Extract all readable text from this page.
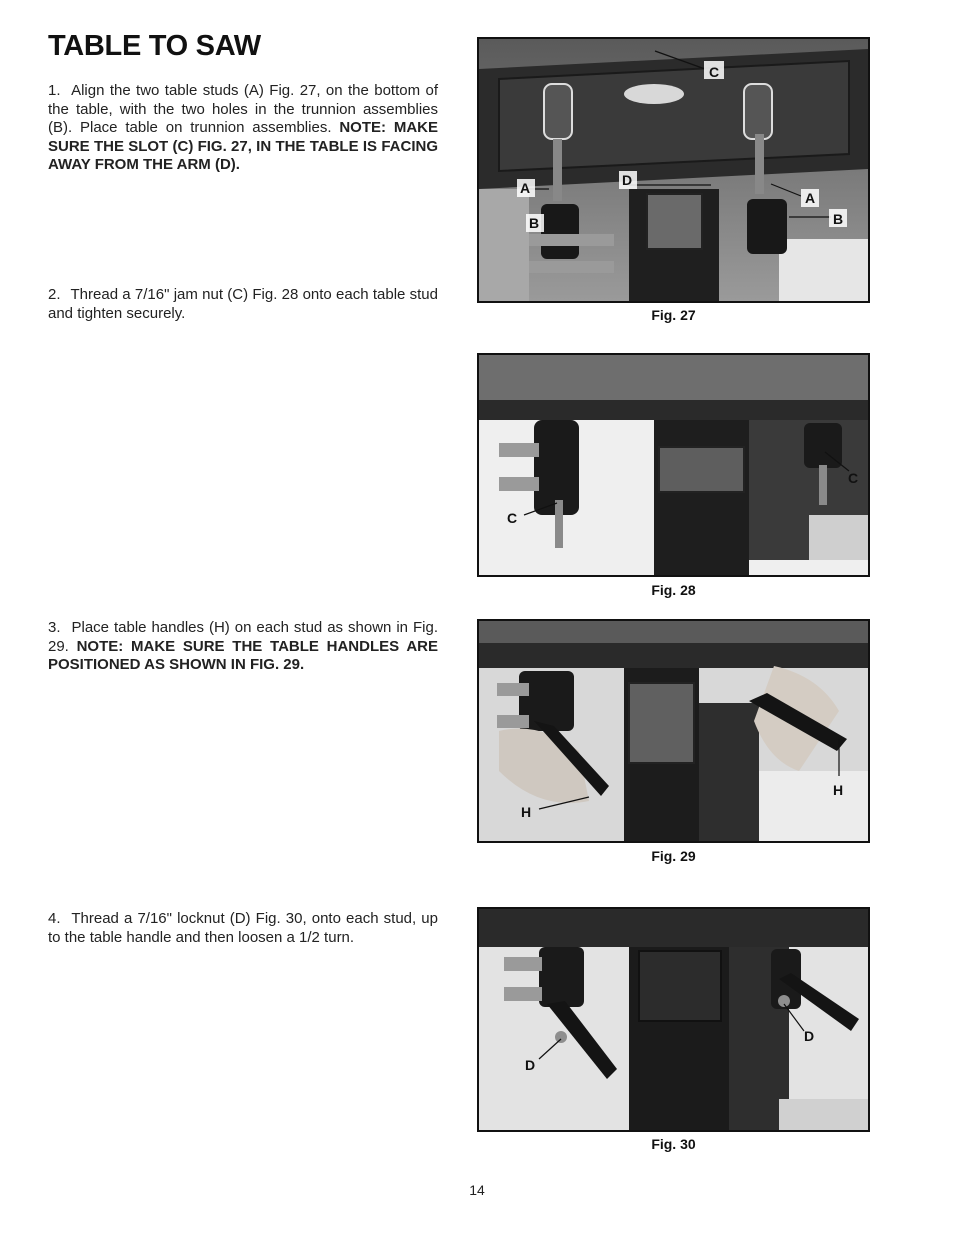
TABLE TO SAW

1. Align the two table studs (A) Fig. 27, on the bottom of the table, with the two holes in the trunnion assemblies (B). Place table on trunnion assemblies. NOTE: MAKE SURE THE SLOT (C) FIG. 27, IN THE TABLE IS FACING AWAY FROM THE ARM (D).

2. Thread a 7/16" jam nut (C) Fig. 28 onto each table stud and tighten securely.

3. Place table handles (H) on each stud as shown in Fig. 29. NOTE: MAKE SURE THE TABLE HANDLES ARE POSITIONED AS SHOWN IN FIG. 29.

4. Thread a 7/16" locknut (D) Fig. 30, onto each stud, up to the table handle and then loosen a 1/2 turn.

C
D
A
A
B	B

Fig. 27

C
C

Fig. 28

H
H

Fig. 29

D
D

Fig. 30

14
